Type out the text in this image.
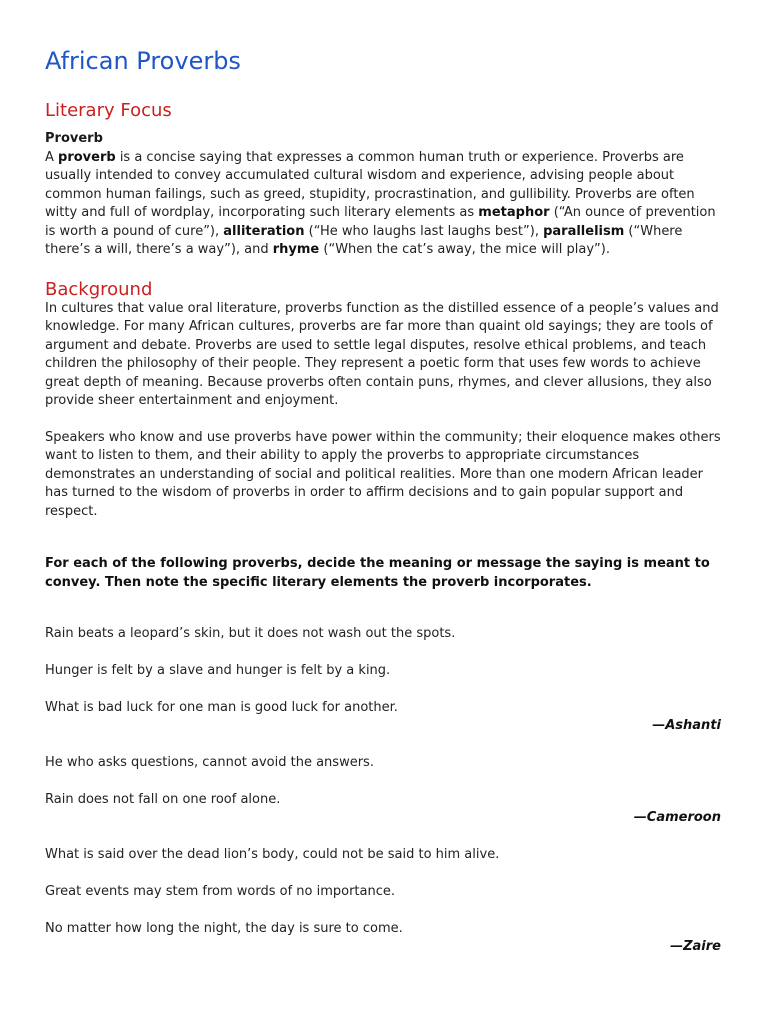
African Proverbs
Literary Focus
Proverb

A proverb is a concise saying that expresses a common human truth or experience. Proverbs are usually intended to convey accumulated cultural wisdom and experience, advising people about common human failings, such as greed, stupidity, procrastination, and gullibility. Proverbs are often witty and full of wordplay, incorporating such literary elements as metaphor (“An ounce of prevention is worth a pound of cure”), alliteration (“He who laughs last laughs best”), parallelism (“Where there’s a will, there’s a way”), and rhyme (“When the cat’s away, the mice will play”).

Background

In cultures that value oral literature, proverbs function as the distilled essence of a people’s values and knowledge. For many African cultures, proverbs are far more than quaint old sayings; they are tools of argument and debate. Proverbs are used to settle legal disputes, resolve ethical problems, and teach children the philosophy of their people. They represent a poetic form that uses few words to achieve great depth of meaning. Because proverbs often contain puns, rhymes, and clever allusions, they also provide sheer entertainment and enjoyment.

Speakers who know and use proverbs have power within the community; their eloquence makes others want to listen to them, and their ability to apply the proverbs to appropriate circumstances demonstrates an understanding of social and political realities. More than one modern African leader has turned to the wisdom of proverbs in order to affirm decisions and to gain popular support and respect.

For each of the following proverbs, decide the meaning or message the saying is meant to convey. Then note the specific literary elements the proverb incorporates.

Rain beats a leopard’s skin, but it does not wash out the spots.

Hunger is felt by a slave and hunger is felt by a king.

What is bad luck for one man is good luck for another.

—Ashanti

He who asks questions, cannot avoid the answers.

Rain does not fall on one roof alone.

—Cameroon

What is said over the dead lion’s body, could not be said to him alive.

Great events may stem from words of no importance.

No matter how long the night, the day is sure to come.

—Zaire
